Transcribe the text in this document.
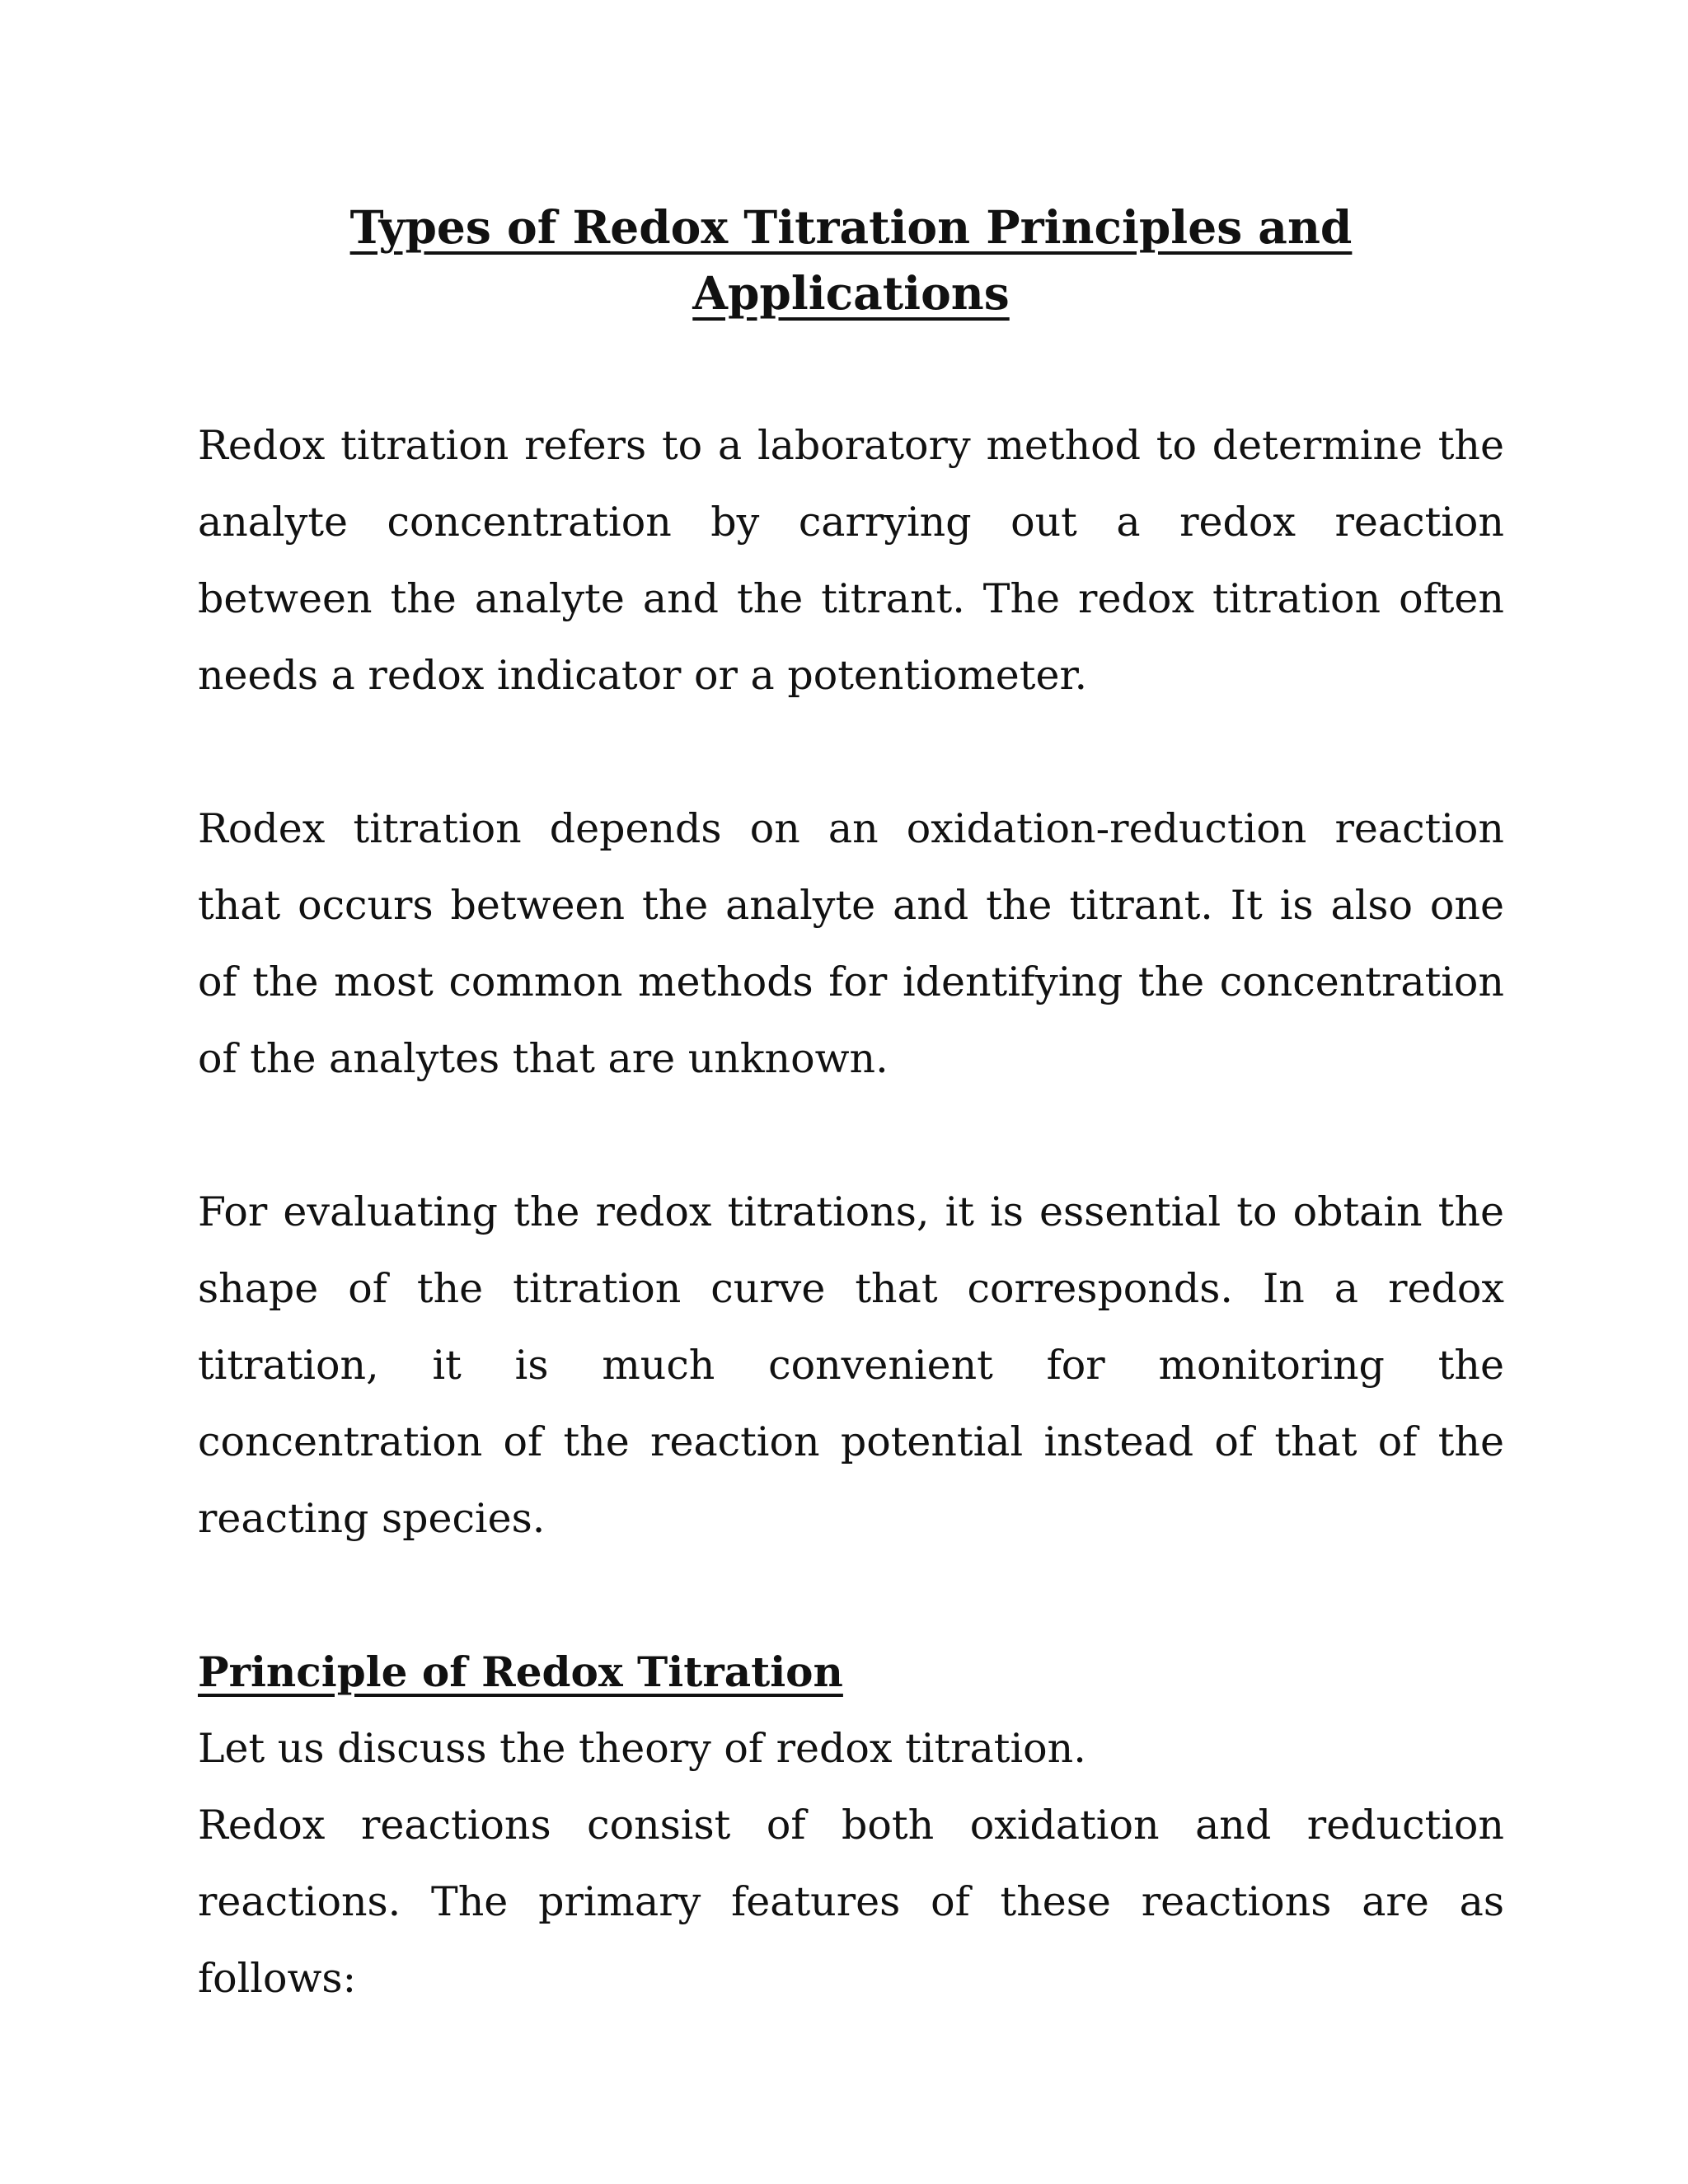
Types of Redox Titration Principles and Applications

Redox titration refers to a laboratory method to determine the analyte concentration by carrying out a redox reaction between the analyte and the titrant. The redox titration often needs a redox indicator or a potentiometer.

Rodex titration depends on an oxidation-reduction reaction that occurs between the analyte and the titrant. It is also one of the most common methods for identifying the concentration of the analytes that are unknown.

For evaluating the redox titrations, it is essential to obtain the shape of the titration curve that corresponds. In a redox titration, it is much convenient for monitoring the concentration of the reaction potential instead of that of the reacting species.

Principle of Redox Titration

Let us discuss the theory of redox titration.

Redox reactions consist of both oxidation and reduction reactions. The primary features of these reactions are as follows:
